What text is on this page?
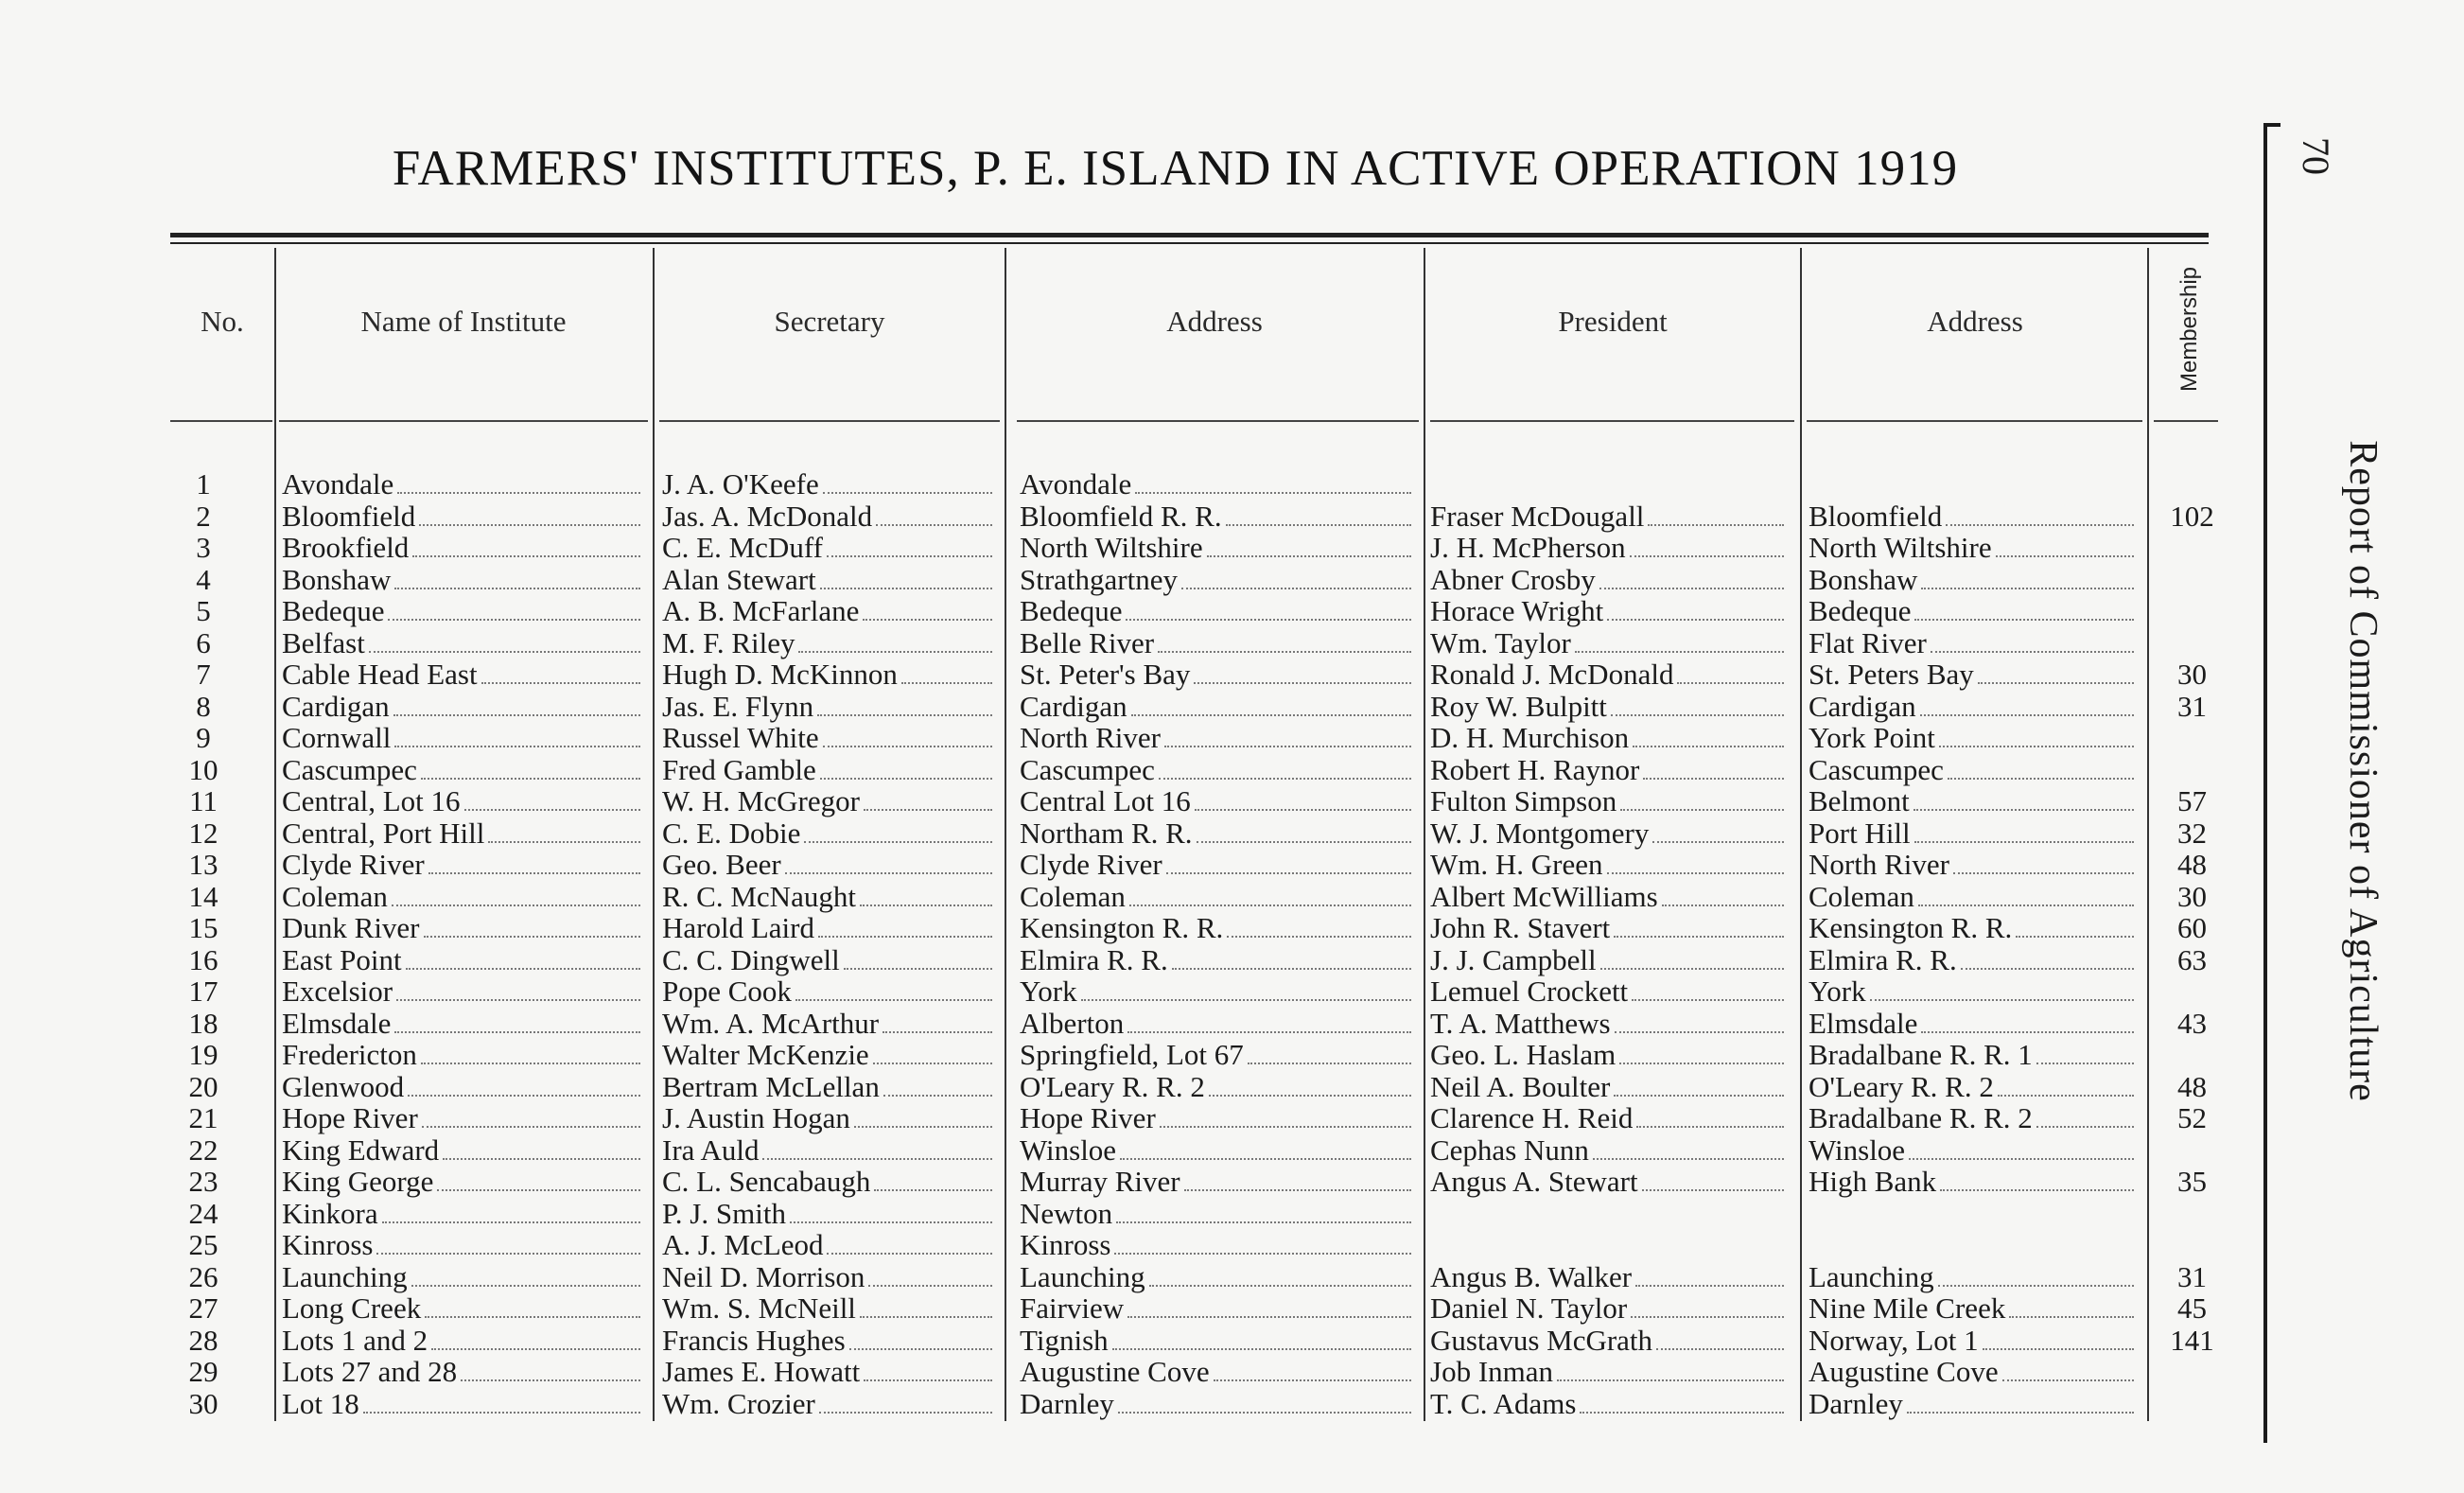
FARMERS' INSTITUTES, P. E. ISLAND IN ACTIVE OPERATION 1919
No.	Name of Institute	Secretary	Address	President	Address	Membership
1 Avondale	J. A. O'Keefe	Avondale
2 Bloomfield	Jas. A. McDonald	Bloomfield R. R.	Fraser McDougall	Bloomfield	102
3 Brookfield	C. E. McDuff	North Wiltshire	J. H. McPherson	North Wiltshire
4 Bonshaw	Alan Stewart	Strathgartney	Abner Crosby	Bonshaw
5 Bedeque	A. B. McFarlane	Bedeque	Horace Wright	Bedeque
6 Belfast	M. F. Riley	Belle River	Wm. Taylor	Flat River
7 Cable Head East	Hugh D. McKinnon	St. Peter's Bay	Ronald J. McDonald	St. Peters Bay	30
8 Cardigan	Jas. E. Flynn	Cardigan	Roy W. Bulpitt	Cardigan	31
9 Cornwall	Russel White	North River	D. H. Murchison	York Point
10 Cascumpec	Fred Gamble	Cascumpec	Robert H. Raynor	Cascumpec
11 Central, Lot 16	W. H. McGregor	Central Lot 16	Fulton Simpson	Belmont	57
12 Central, Port Hill	C. E. Dobie	Northam R. R.	W. J. Montgomery	Port Hill	32
13 Clyde River	Geo. Beer	Clyde River	Wm. H. Green	North River	48
14 Coleman	R. C. McNaught	Coleman	Albert McWilliams	Coleman	30
15 Dunk River	Harold Laird	Kensington R. R.	John R. Stavert	Kensington R. R.	60
16 East Point	C. C. Dingwell	Elmira R. R.	J. J. Campbell	Elmira R. R.	63
17 Excelsior	Pope Cook	York	Lemuel Crockett	York
18 Elmsdale	Wm. A. McArthur	Alberton	T. A. Matthews	Elmsdale	43
19 Fredericton	Walter McKenzie	Springfield, Lot 67	Geo. L. Haslam	Bradalbane R. R. 1
20 Glenwood	Bertram McLellan	O'Leary R. R. 2	Neil A. Boulter	O'Leary R. R. 2	48
21 Hope River	J. Austin Hogan	Hope River	Clarence H. Reid	Bradalbane R. R. 2	52
22 King Edward	Ira Auld	Winsloe	Cephas Nunn	Winsloe
23 King George	C. L. Sencabaugh	Murray River	Angus A. Stewart	High Bank	35
24 Kinkora	P. J. Smith	Newton
25 Kinross	A. J. McLeod	Kinross
26 Launching	Neil D. Morrison	Launching	Angus B. Walker	Launching	31
27 Long Creek	Wm. S. McNeill	Fairview	Daniel N. Taylor	Nine Mile Creek	45
28 Lots 1 and 2	Francis Hughes	Tignish	Gustavus McGrath	Norway, Lot 1	141
29 Lots 27 and 28	James E. Howatt	Augustine Cove	Job Inman	Augustine Cove
30 Lot 18	Wm. Crozier	Darnley	T. C. Adams	Darnley
70
Report of Commissioner of Agriculture
